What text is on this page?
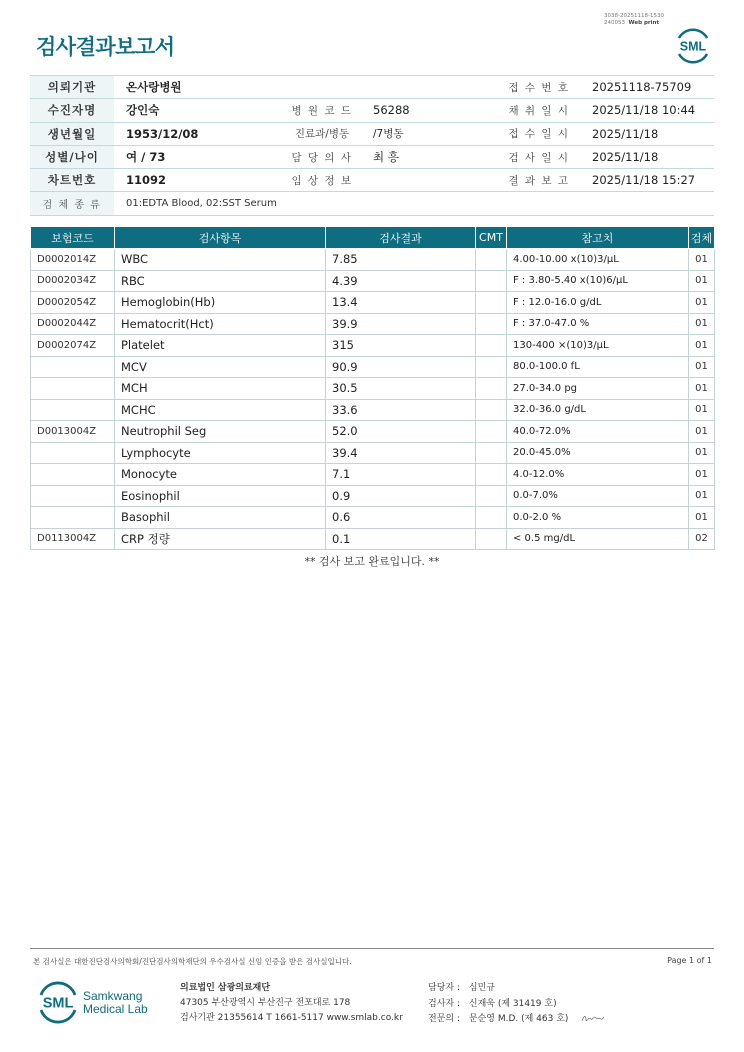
검사결과보고서
3038-20251118-1530
240053 Web print
SML
의뢰기관	온사랑병원			접 수 번 호	20251118-75709
수진자명	강인숙	병 원 코 드	56288	채 취 일 시	2025/11/18 10:44
생년월일	1953/12/08	진료과/병동	/7병동	접 수 일 시	2025/11/18
성별/나이	여 / 73	담 당 의 사	최 흥	검 사 일 시	2025/11/18
차트번호	11092	임 상 정 보		결 과 보 고	2025/11/18 15:27
검 체 종 류	01:EDTA Blood, 02:SST Serum				
보험코드	검사항목	검사결과	CMT	참고치	검체
D0002014Z	WBC	7.85		4.00-10.00 x(10)3/μL	01
D0002034Z	RBC	4.39		F : 3.80-5.40 x(10)6/μL	01
D0002054Z	Hemoglobin(Hb)	13.4		F : 12.0-16.0 g/dL	01
D0002044Z	Hematocrit(Hct)	39.9		F : 37.0-47.0 %	01
D0002074Z	Platelet	315		130-400 ×(10)3/μL	01
	MCV	90.9		80.0-100.0 fL	01
	MCH	30.5		27.0-34.0 pg	01
	MCHC	33.6		32.0-36.0 g/dL	01
D0013004Z	Neutrophil Seg	52.0		40.0-72.0%	01
	Lymphocyte	39.4		20.0-45.0%	01
	Monocyte	7.1		4.0-12.0%	01
	Eosinophil	0.9		0.0-7.0%	01
	Basophil	0.6		0.0-2.0 %	01
D0113004Z	CRP 정량	0.1		< 0.5 mg/dL	02
** 검사 보고 완료입니다. **
본 검사실은 대한진단검사의학회/진단검사의학재단의 우수검사실 신임 인증을 받은 검사실입니다.	Page 1 of 1
SML Samkwang
Medical Lab
의료법인 삼광의료재단
47305 부산광역시 부산진구 전포대로 178
검사기관 21355614 T 1661-5117 www.smlab.co.kr
담당자 : 심민규
검사자 : 신재욱 (제 31419 호)
전문의 : 문순영 M.D. (제 463 호)
